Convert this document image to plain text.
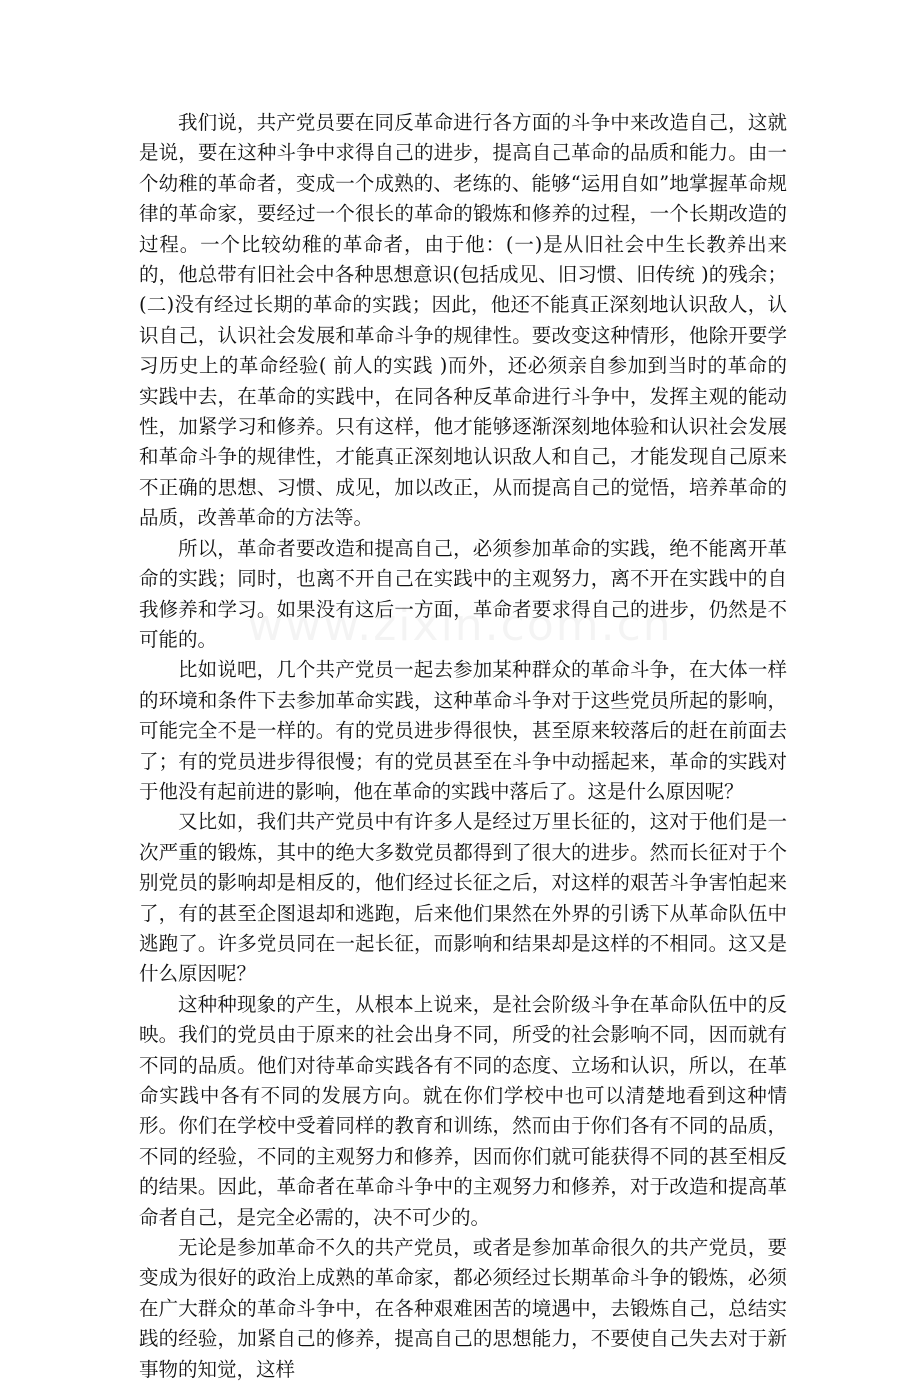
我们说，共产党员要在同反革命进行各方面的斗争中来改造自己，这就是说，要在这种斗争中求得自己的进步，提高自己革命的品质和能力。由一个幼稚的革命者，变成一个成熟的、老练的、能够“运用自如”地掌握革命规律的革命家，要经过一个很长的革命的锻炼和修养的过程，一个长期改造的过程。一个比较幼稚的革命者，由于他：(一)是从旧社会中生长教养出来的，他总带有旧社会中各种思想意识(包括成见、旧习惯、旧传统 )的残余；(二)没有经过长期的革命的实践；因此，他还不能真正深刻地认识敌人，认识自己，认识社会发展和革命斗争的规律性。要改变这种情形，他除开要学习历史上的革命经验( 前人的实践 )而外，还必须亲自参加到当时的革命的实践中去，在革命的实践中，在同各种反革命进行斗争中，发挥主观的能动性，加紧学习和修养。只有这样，他才能够逐渐深刻地体验和认识社会发展和革命斗争的规律性，才能真正深刻地认识敌人和自己，才能发现自己原来不正确的思想、习惯、成见，加以改正，从而提高自己的觉悟，培养革命的品质，改善革命的方法等。

所以，革命者要改造和提高自己，必须参加革命的实践，绝不能离开革命的实践；同时，也离不开自己在实践中的主观努力，离不开在实践中的自我修养和学习。如果没有这后一方面，革命者要求得自己的进步，仍然是不可能的。

比如说吧，几个共产党员一起去参加某种群众的革命斗争，在大体一样的环境和条件下去参加革命实践，这种革命斗争对于这些党员所起的影响，可能完全不是一样的。有的党员进步得很快，甚至原来较落后的赶在前面去了；有的党员进步得很慢；有的党员甚至在斗争中动摇起来，革命的实践对于他没有起前进的影响，他在革命的实践中落后了。这是什么原因呢？

又比如，我们共产党员中有许多人是经过万里长征的，这对于他们是一次严重的锻炼，其中的绝大多数党员都得到了很大的进步。然而长征对于个别党员的影响却是相反的，他们经过长征之后，对这样的艰苦斗争害怕起来了，有的甚至企图退却和逃跑，后来他们果然在外界的引诱下从革命队伍中逃跑了。许多党员同在一起长征，而影响和结果却是这样的不相同。这又是什么原因呢？

这种种现象的产生，从根本上说来，是社会阶级斗争在革命队伍中的反映。我们的党员由于原来的社会出身不同，所受的社会影响不同，因而就有不同的品质。他们对待革命实践各有不同的态度、立场和认识，所以，在革命实践中各有不同的发展方向。就在你们学校中也可以清楚地看到这种情形。你们在学校中受着同样的教育和训练，然而由于你们各有不同的品质，不同的经验，不同的主观努力和修养，因而你们就可能获得不同的甚至相反的结果。因此，革命者在革命斗争中的主观努力和修养，对于改造和提高革命者自己，是完全必需的，决不可少的。

无论是参加革命不久的共产党员，或者是参加革命很久的共产党员，要变成为很好的政治上成熟的革命家，都必须经过长期革命斗争的锻炼，必须在广大群众的革命斗争中，在各种艰难困苦的境遇中，去锻炼自己，总结实践的经验，加紧自己的修养，提高自己的思想能力，不要使自己失去对于新事物的知觉，这样
